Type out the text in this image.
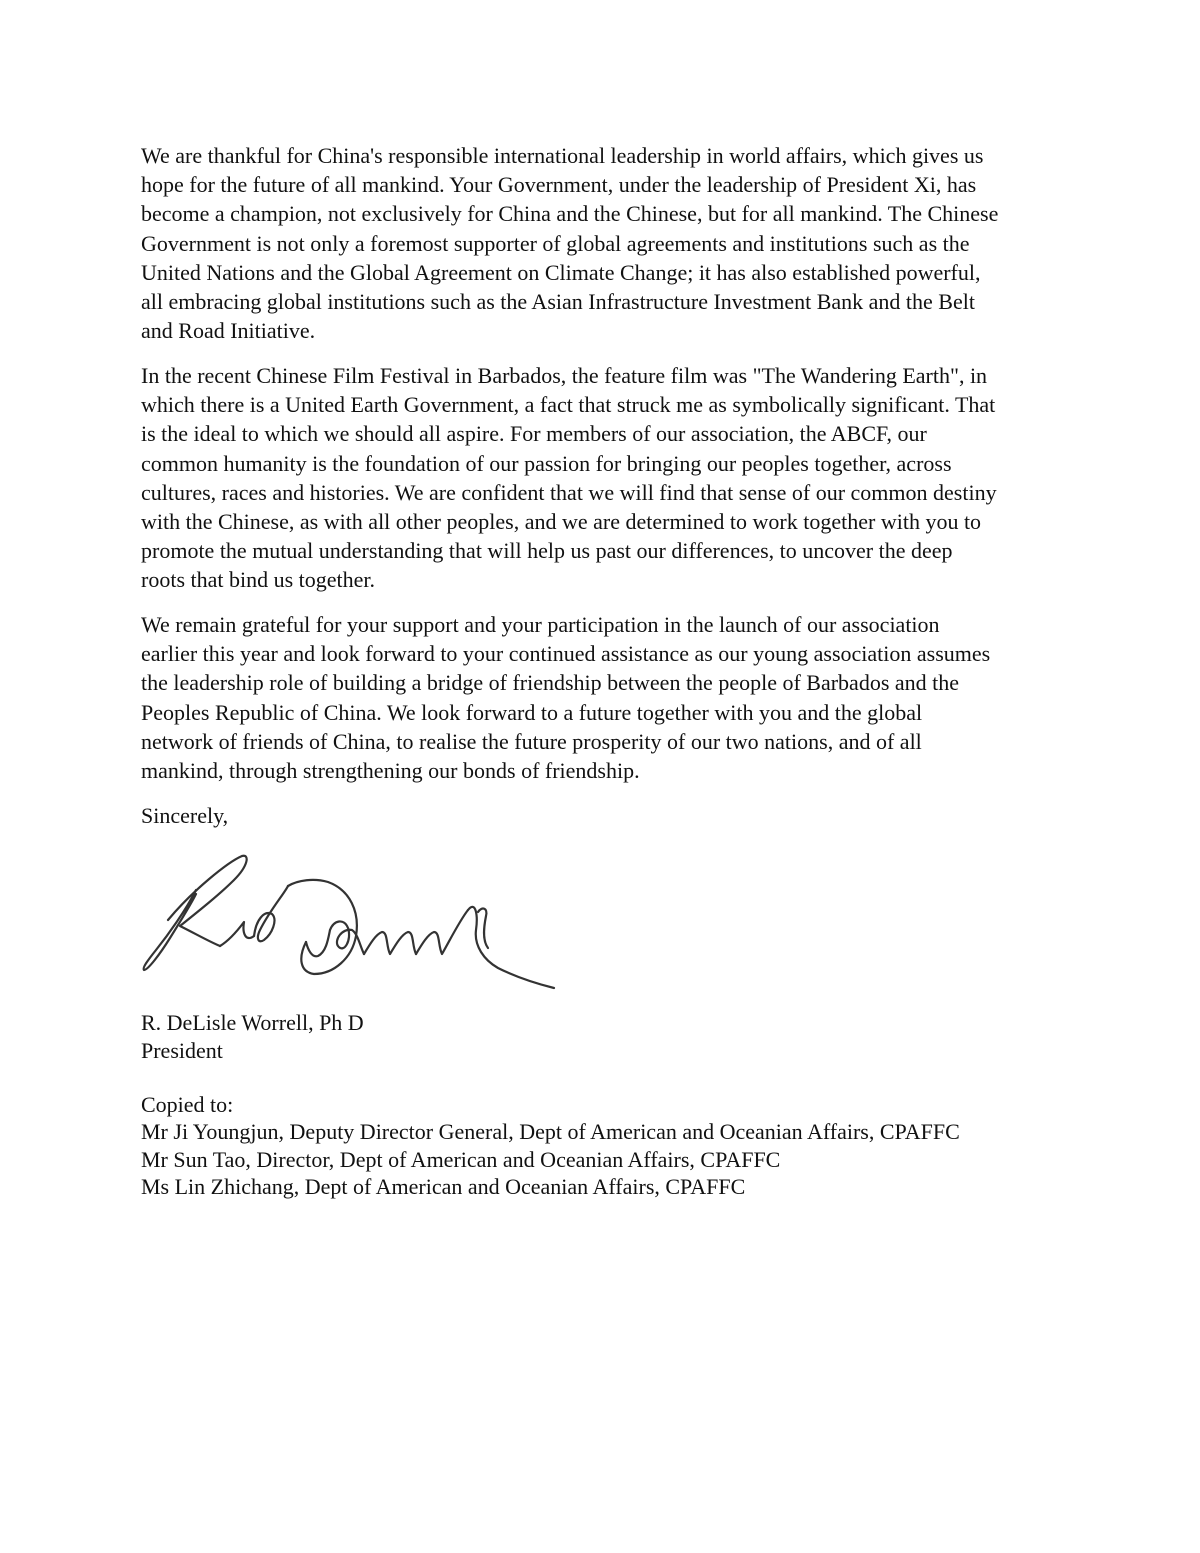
We are thankful for China's responsible international leadership in world affairs, which gives us
hope for the future of all mankind. Your Government, under the leadership of President Xi, has
become a champion, not exclusively for China and the Chinese, but for all mankind. The Chinese
Government is not only a foremost supporter of global agreements and institutions such as the
United Nations and the Global Agreement on Climate Change; it has also established powerful,
all embracing global institutions such as the Asian Infrastructure Investment Bank and the Belt
and Road Initiative.

In the recent Chinese Film Festival in Barbados, the feature film was "The Wandering Earth", in
which there is a United Earth Government, a fact that struck me as symbolically significant. That
is the ideal to which we should all aspire. For members of our association, the ABCF, our
common humanity is the foundation of our passion for bringing our peoples together, across
cultures, races and histories. We are confident that we will find that sense of our common destiny
with the Chinese, as with all other peoples, and we are determined to work together with you to
promote the mutual understanding that will help us past our differences, to uncover the deep
roots that bind us together.

We remain grateful for your support and your participation in the launch of our association
earlier this year and look forward to your continued assistance as our young association assumes
the leadership role of building a bridge of friendship between the people of Barbados and the
Peoples Republic of China. We look forward to a future together with you and the global
network of friends of China, to realise the future prosperity of our two nations, and of all
mankind, through strengthening our bonds of friendship.

Sincerely,

R. DeLisle Worrell, Ph D
President
Copied to:
Mr Ji Youngjun, Deputy Director General, Dept of American and Oceanian Affairs, CPAFFC
Mr Sun Tao, Director, Dept of American and Oceanian Affairs, CPAFFC
Ms Lin Zhichang, Dept of American and Oceanian Affairs, CPAFFC
